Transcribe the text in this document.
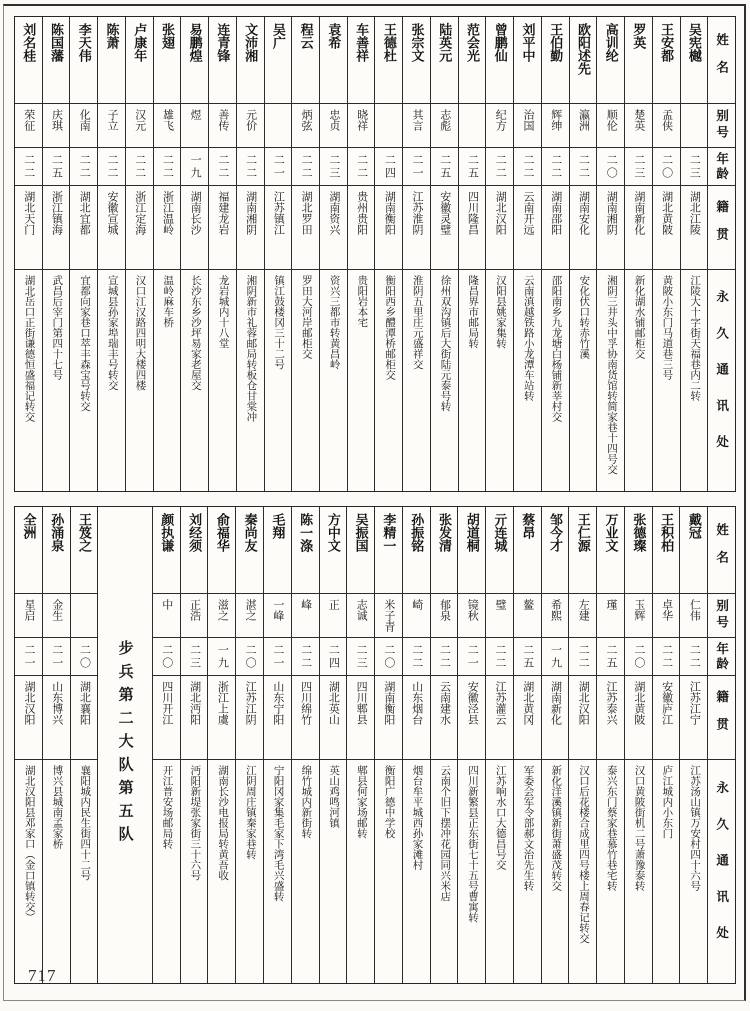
姓名
别号
年龄
籍贯
永久通讯处
吴宪樾
二三
湖北江陵
江陵大十字街天福巷内二转
王安都
孟侠
二〇
湖北黄陂
黄陂小东门马道巷三号
罗英
楚英
二三
湖南新化
新化湖水铺邮柜交
高训纶
顺伦
二〇
湖南湘阴
湘阴三井头中孚协南货馆转简家巷十四号交
欧阳述先
瀛洲
二二
湖南安化
安化伏口转赤竹溪
王伯勤
辉绅
二二
湖南邵阳
邵阳南乡九龙塘白杨铺新莘村交
刘平中
治国
二二
云南开远
云南滇越铁路小龙潭车站转
曾鹏仙
纪方
二二
湖北汉阳
汉阳县姚家集转
范会光
二五
四川隆昌
隆昌界市邮局转
陆英元
志彪
二五
安徽灵璧
徐州双沟镇后大街陆元泰号转
张宗文
其言
二一
江苏淮阴
淮阴五里庄元盛祥交
王德杜
二四
湖南衡阳
衡阳西乡醴潭桥邮柜交
车善祥
晓祥
二二
贵州贵阳
贵阳岩本宅
袁希
忠贞
二三
湖南资兴
资兴三都市转黄昌岭
程云
炳弦
二二
湖北罗田
罗田大河岸邮柜交
吴广
二一
江苏镇江
镇江鼓楼冈三十二号
文沛湘
元价
二二
湖南湘阴
湘阴新市礼蓉邮局转板仓甘棠冲
连青锋
善传
二二
福建龙岩
龙岩城内十八堂
易鹏煌
煜
一九
湖南长沙
长沙东乡沙坪易家老屋交
张翅
雄飞
二二
浙江温岭
温岭麻车桥
卢康年
汉元
二二
浙江定海
汉口江汉路四明大楼四楼
陈萧
子立
二二
安徽宣城
宣城县孙家埠瑞丰号转交
李天伟
化南
二二
湖北宜都
宜都向家巷口萃丰森宝号转交
陈国藩
庆琪
二五
浙江镇海
武昌后宰门第四十七号
刘名桂
荣征
二二
湖北天门
湖北岳口正街谦德恒盛福记转交
姓名
别号
年龄
籍贯
永久通讯处
戴冠
仁伟
二二
江苏江宁
江苏汤山镇万安村四十六号
王积柏
卓华
二二
安徽庐江
庐江城内小东门
张德璨
玉辉
二〇
湖北黄陂
汉口黄陂街机二号萧豫泰转
万业文
瑾
二五
江苏泰兴
泰兴东门蔡家巷慕竹巷宅转
王仁源
左建
二二
湖北汉阳
汉口后花楼合成里四号楼上周春记转交
邹今才
希熙
一九
湖南新化
新化洋溪镇新街萧盛茂转交
蔡昂
鳌
二五
湖北黄冈
军委会军令部郝文治先生转
亓连城
璧
二二
江苏灌云
江苏响水口大德昌号交
胡道桐
镜秋
二一
安徽泾县
四川新繁县正东街七十五号曹寓转
张发清
郁泉
二二
云南建水
云南个旧下摆冲花园同兴米店
孙振铭
崎
二二
山东烟台
烟台牟平城西孙家滩村
李精一
米子青
二〇
湖南衡阳
衡阳广德中学校
吴振国
志诚
二三
四川郫县
郫县何家场邮转
方中文
正
二四
湖北英山
英山鸡鸣河镇
陈一涤
峰
二二
四川绵竹
绵竹城内新街转
毛翔
一峰
二一
山东宁阳
宁阳冈家集毛家下湾毛兴盛转
秦尚友
湛之
二〇
江苏江阴
江阴周庄镇秦家巷转
俞福华
滋之
一九
浙江上虞
湖南长沙电报局转黄吾收
刘经须
正浩
二三
湖北沔阳
沔阳新堤张家街三十六号
颜执谦
中
二〇
四川开江
开江普安场邮局转
步兵第二大队第五队
王笈之
二〇
湖北襄阳
襄阳城内民生街四十二号
孙涌泉
金生
二一
山东博兴
博兴县城南孟家桥
全洲
星启
二一
湖北汉阳
湖北汉阳县邓家口（金口镇转交）
717
